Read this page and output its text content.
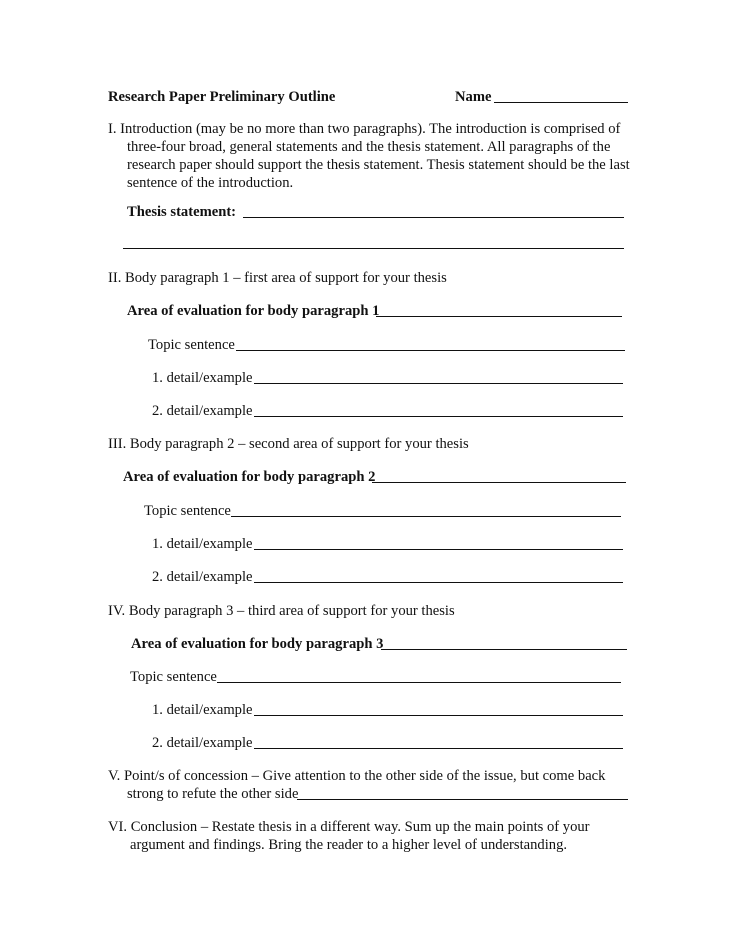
Research Paper Preliminary Outline	Name
I. Introduction (may be no more than two paragraphs). The introduction is comprised of
three-four broad, general statements and the thesis statement. All paragraphs of the
research paper should support the thesis statement. Thesis statement should be the last
sentence of the introduction.
Thesis statement:
II. Body paragraph 1 – first area of support for your thesis
Area of evaluation for body paragraph 1
Topic sentence
1. detail/example
2. detail/example
III. Body paragraph 2 – second area of support for your thesis
Area of evaluation for body paragraph 2
Topic sentence
1. detail/example
2. detail/example
IV. Body paragraph 3 – third area of support for your thesis
Area of evaluation for body paragraph 3
Topic sentence
1. detail/example
2. detail/example
V. Point/s of concession – Give attention to the other side of the issue, but come back
strong to refute the other side
VI. Conclusion – Restate thesis in a different way. Sum up the main points of your
argument and findings. Bring the reader to a higher level of understanding.
